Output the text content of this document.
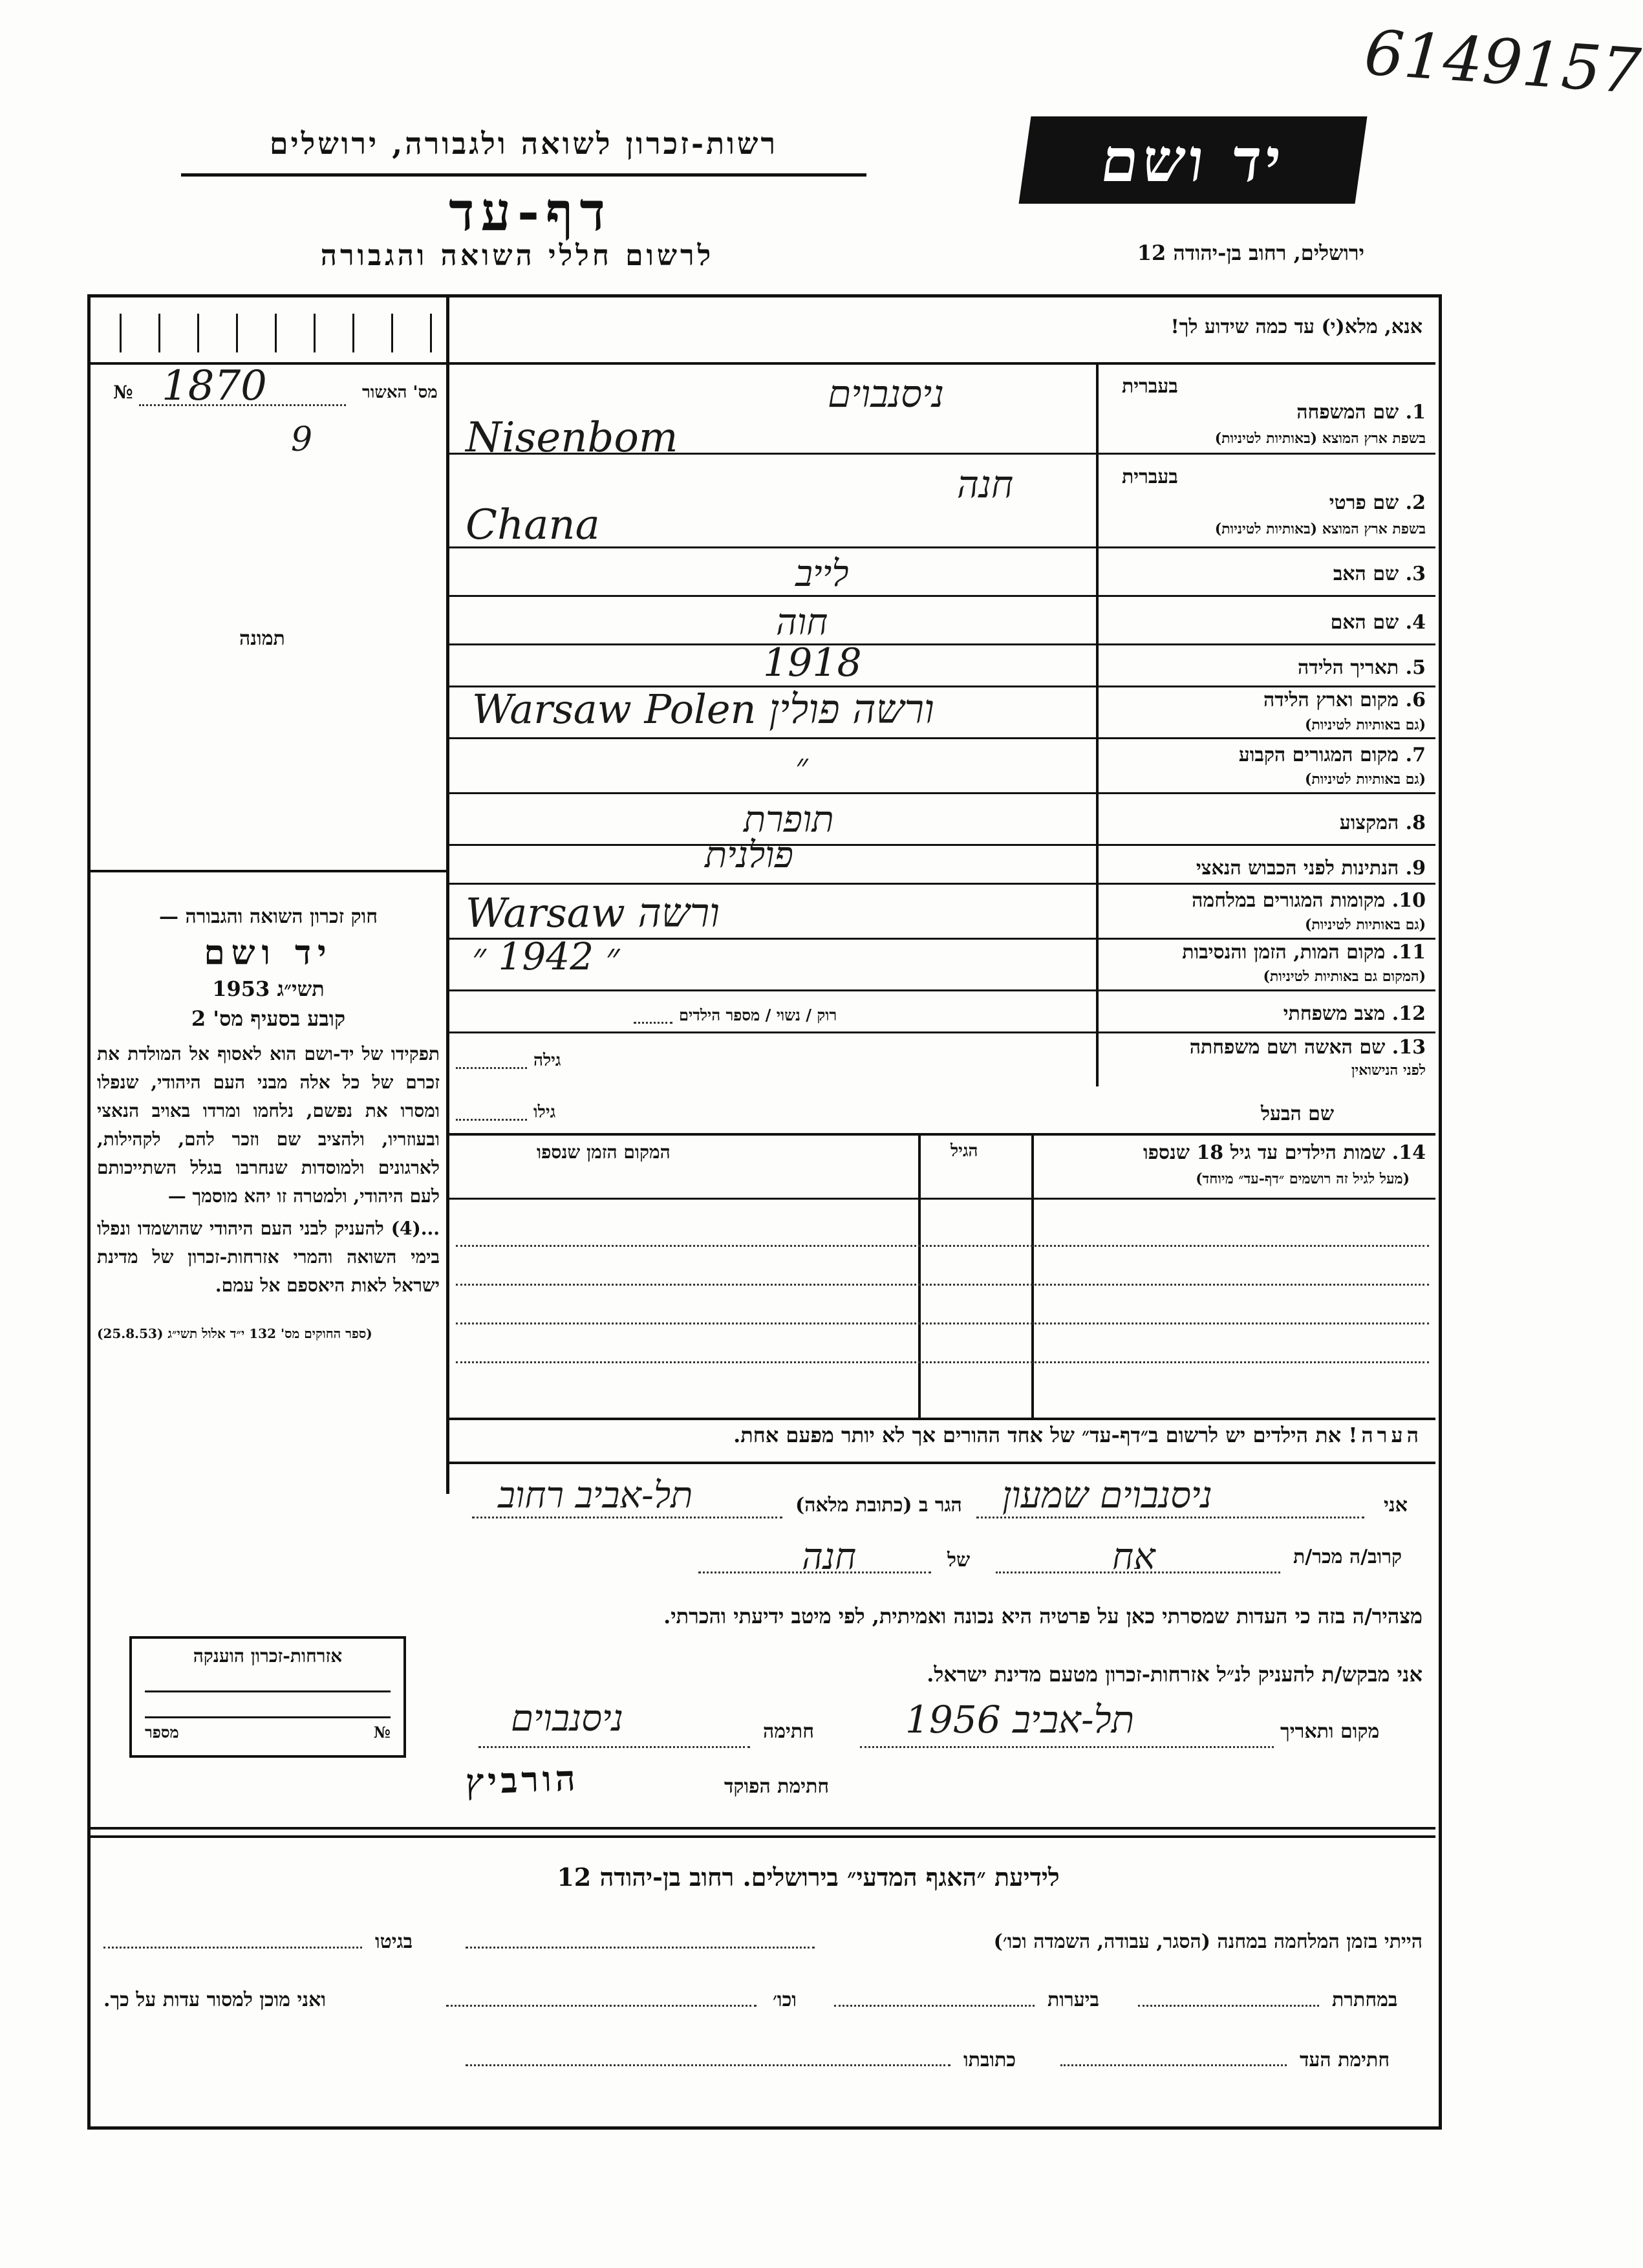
6149157
רשות-זכרון לשואה ולגבורה, ירושלים
דף-עד
לרשום חללי השואה והגבורה
יד ושם
ירושלים, רחוב בן-יהודה 12
מס' האשור
№ 1870
9
תמונה
חוק זכרון השואה והגבורה —
יד ושם
תשי״ג 1953
קובע בסעיף מס' 2
תפקידו של יד-ושם הוא לאסוף אל המולדת את זכרם של כל אלה מבני העם היהודי, שנפלו ומסרו את נפשם, נלחמו ומרדו באויב הנאצי ובעוזריו, ולהציב שם וזכר להם, לקהילות, לארגונים ולמוסדות שנחרבו בגלל השתייכותם לעם היהודי, ולמטרה זו יהא מוסמך —
...(4) להעניק לבני העם היהודי שהושמדו ונפלו בימי השואה והמרי אזרחות-זכרון של מדינת ישראל לאות היאספם אל עמם.
(ספר החוקים מס' 132 י״ד אלול תשי״ג (25.8.53)
אנא, מלא(י) עד כמה שידוע לך!
בעברית
1. שם המשפחה
בשפת ארץ המוצא (באותיות לטיניות)
בעברית
2. שם פרטי
בשפת ארץ המוצא (באותיות לטיניות)
3. שם האב
4. שם האם
5. תאריך הלידה
6. מקום וארץ הלידה
(גם באותיות לטיניות)
7. מקום המגורים הקבוע
(גם באותיות לטיניות)
8. המקצוע
9. הנתינות לפני הכבוש הנאצי
10. מקומות המגורים במלחמה
(גם באותיות לטיניות)
11. מקום המות, הזמן והנסיבות
(המקום גם באותיות לטיניות)
12. מצב משפחתי
רוק / נשוי / מספר הילדים
13. שם האשה ושם משפחתה
לפני הנישואין
גילה
שם הבעל
גילו
14. שמות הילדים עד גיל 18 שנספו
(מעל לגיל זה רושמים ״דף-עד״ מיוחד)
הגיל
המקום הזמן שנספו
הערה! את הילדים יש לרשום ב״דף-עד״ של אחד ההורים אך לא יותר מפעם אחת.
אני
ניסנבוים שמעון
הגר ב (כתובת מלאה)
תל-אביב רחוב
קרוב/ה מכר/ת
אח
של
חנה
מצהיר/ה בזה כי העדות שמסרתי כאן על פרטיה היא נכונה ואמיתית, לפי מיטב ידיעתי והכרתי.
אני מבקש/ת להעניק לנ״ל אזרחות-זכרון מטעם מדינת ישראל.
מקום ותאריך
תל-אביב 1956
חתימה
ניסנבוים
חתימת הפוקד
הורביץ
אזרחות-זכרון הוענקה
№
מספר
לידיעת ״האגף המדעי״ בירושלים. רחוב בן-יהודה 12
הייתי בזמן המלחמה במחנה (הסגר, עבודה, השמדה וכו׳)
בגיטו
במחתרת
ביערות
וכו׳
ואני מוכן למסור עדות על כך.
חתימת העד
כתובתו
ניסנבוים
Nisenbom
חנה
Chana
לייב
חוה
1918
Warsaw Polen ורשה פולין
״
תופרת
פולנית
Warsaw ורשה
״ 1942 ״
